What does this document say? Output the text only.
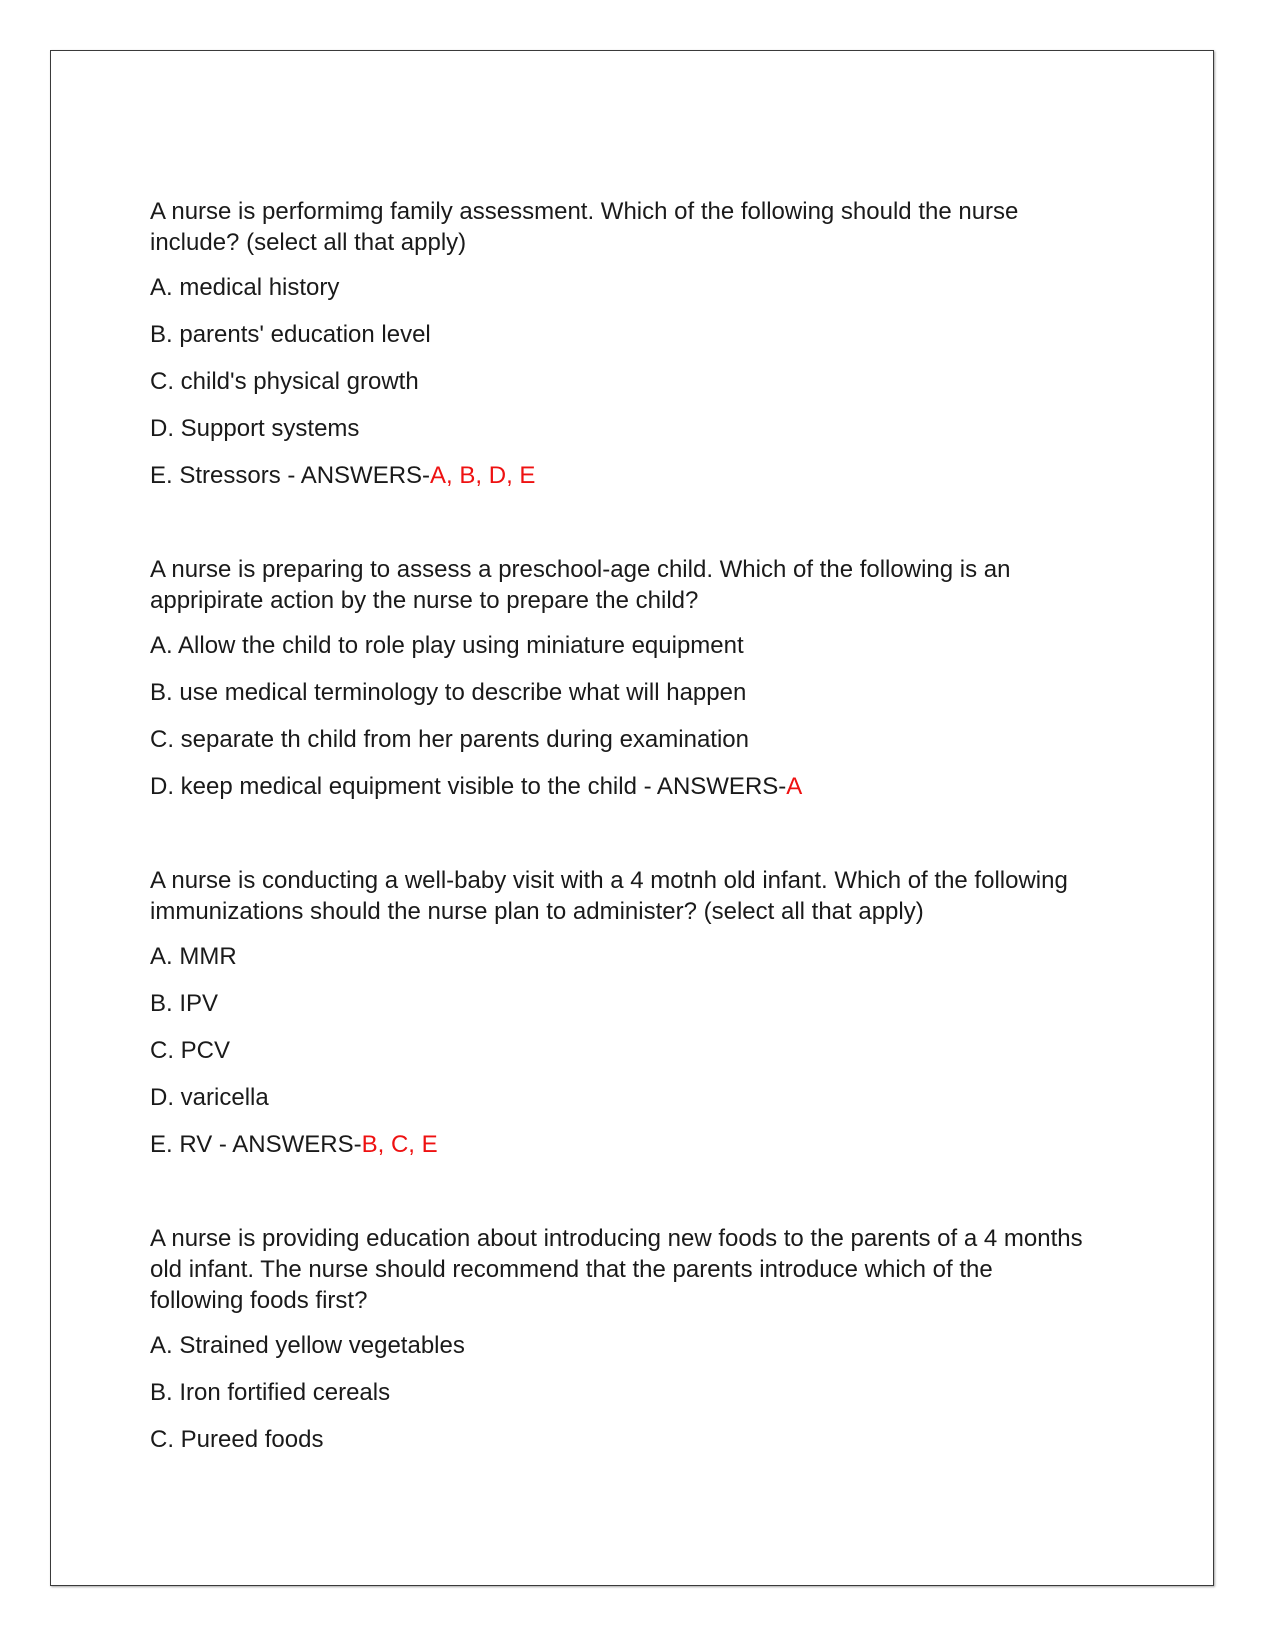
A nurse is performimg family assessment. Which of the following should the nurse include? (select all that apply)

A. medical history
B. parents' education level
C. child's physical growth
D. Support systems
E. Stressors - ANSWERS-A, B, D, E

A nurse is preparing to assess a preschool-age child. Which of the following is an appripirate action by the nurse to prepare the child?

A. Allow the child to role play using miniature equipment
B. use medical terminology to describe what will happen
C. separate th child from her parents during examination
D. keep medical equipment visible to the child - ANSWERS-A

A nurse is conducting a well-baby visit with a 4 motnh old infant. Which of the following immunizations should the nurse plan to administer? (select all that apply)

A. MMR
B. IPV
C. PCV
D. varicella
E. RV - ANSWERS-B, C, E

A nurse is providing education about introducing new foods to the parents of a 4 months old infant. The nurse should recommend that the parents introduce which of the following foods first?

A. Strained yellow vegetables
B. Iron fortified cereals
C. Pureed foods
